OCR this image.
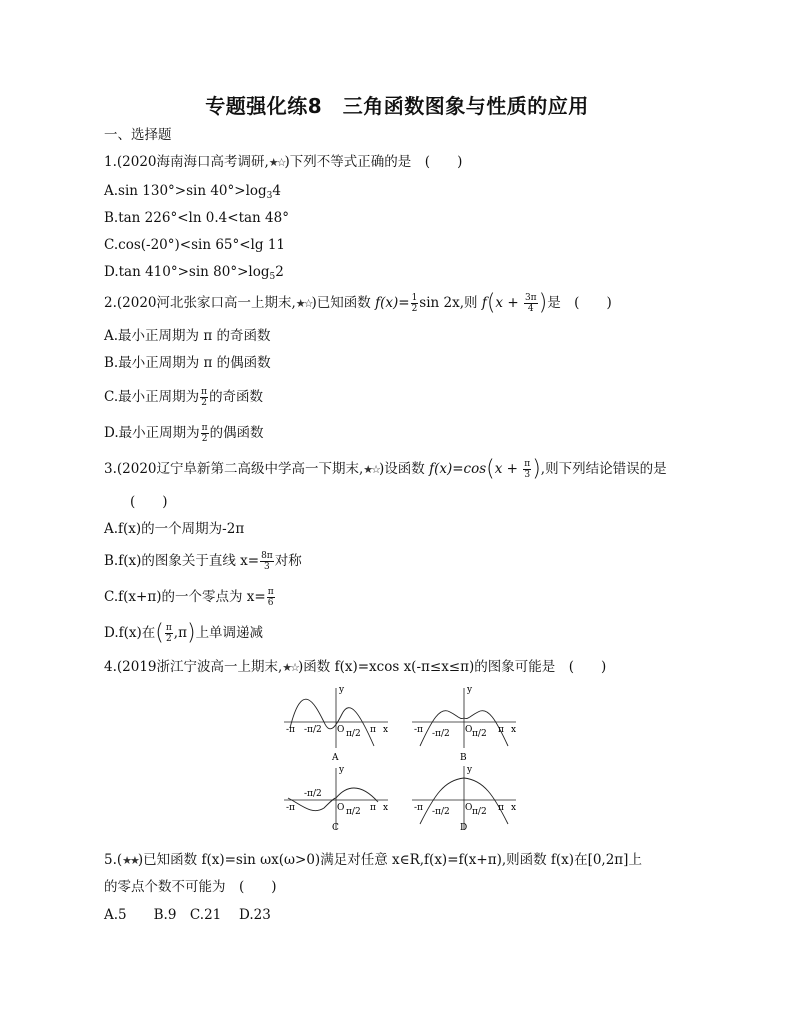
专题强化练8　三角函数图象与性质的应用
一、选择题
1.(2020海南海口高考调研,★☆)下列不等式正确的是　(　　)
A.sin 130°>sin $40^\circ>\log_34$
B.tan 226°<ln 0.4<tan 48°
C.cos(-20°)<sin 65°<lg 11
D.tan 410°>sin $80^\circ>\log_52$
2.(2020河北张家口高一上期末,★☆)已知函数 $f(x)= \frac{1}{2}$ sin 2x,则 $f(x + \frac{3\pi}{4}$ )是　(　　)
A.最小正周期为 π 的奇函数
B.最小正周期为 π 的偶函数
C.最小正周期为 $\frac{\pi}{2}$ 的奇函数
D.最小正周期为 $\frac{\pi}{2}$ 的偶函数
3.(2020辽宁阜新第二高级中学高一下期末,★☆)设函数 $f(x)=\cos(x + \frac{\pi}{3}$ ),则下列结论错误的是
(　　)
A.f(x)的一个周期为-2π
B.f(x)的图象关于直线 $x= \frac{8\pi}{3}$ 对称
C.f(x+π)的一个零点为 $x= \frac{\pi}{6}$
D.f(x)在( $\frac{\pi}{2} ,\pi$)上单调递减
4.(2019浙江宁波高一上期末,★☆)函数 f(x)=xcos x(-π≤x≤π)的图象可能是　(　　)
y
x
O
-π	π
-π/2	π/2
A
y
x
O
-π	π
-π/2 π/2
B
y
x
O
-π	π
-π/2
π/2
C
y
x
O
-π	π
-π/2 π/2
D
5.(★★)已知函数 f(x)=sin ωx(ω>0)满足对任意 x∈R,f(x)=f(x+π),则函数 f(x)在[0,2π]上
的零点个数不可能为　(　　)
A.5　　B.9　C.21　 D.23
